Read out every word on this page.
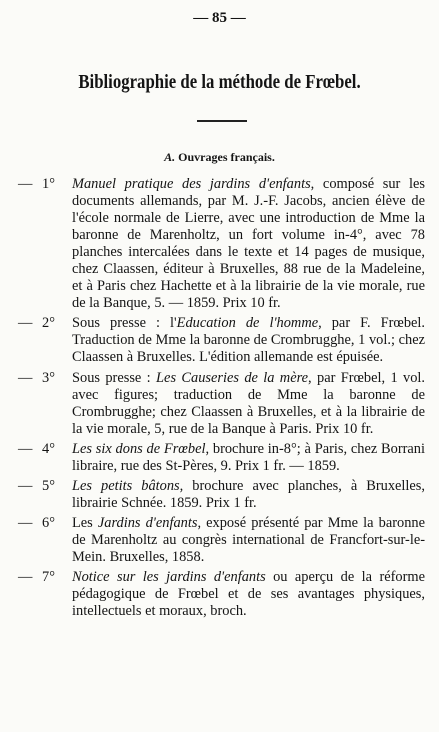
— 85 —
Bibliographie de la méthode de Frœbel.
A. Ouvrages français.
— 1° Manuel pratique des jardins d'enfants, composé sur les documents allemands, par M. J.-F. Jacobs, ancien élève de l'école normale de Lierre, avec une introduction de Mme la baronne de Marenholtz, un fort volume in-4°, avec 78 planches intercalées dans le texte et 14 pages de musique, chez Claassen, éditeur à Bruxelles, 88 rue de la Madeleine, et à Paris chez Hachette et à la librairie de la vie morale, rue de la Banque, 5. — 1859. Prix 10 fr.
— 2° Sous presse : l'Education de l'homme, par F. Frœbel. Traduction de Mme la baronne de Crombrugghe, 1 vol.; chez Claassen à Bruxelles. L'édition allemande est épuisée.
— 3° Sous presse : Les Causeries de la mère, par Frœbel, 1 vol. avec figures; traduction de Mme la baronne de Crombrugghe; chez Claassen à Bruxelles, et à la librairie de la vie morale, 5, rue de la Banque à Paris. Prix 10 fr.
— 4° Les six dons de Frœbel, brochure in-8°; à Paris, chez Borrani libraire, rue des St-Pères, 9. Prix 1 fr. — 1859.
— 5° Les petits bâtons, brochure avec planches, à Bruxelles, librairie Schnée. 1859. Prix 1 fr.
— 6° Les Jardins d'enfants, exposé présenté par Mme la baronne de Marenholtz au congrès international de Francfort-sur-le-Mein. Bruxelles, 1858.
— 7° Notice sur les jardins d'enfants ou aperçu de la réforme pédagogique de Frœbel et de ses avantages physiques, intellectuels et moraux, broch.
